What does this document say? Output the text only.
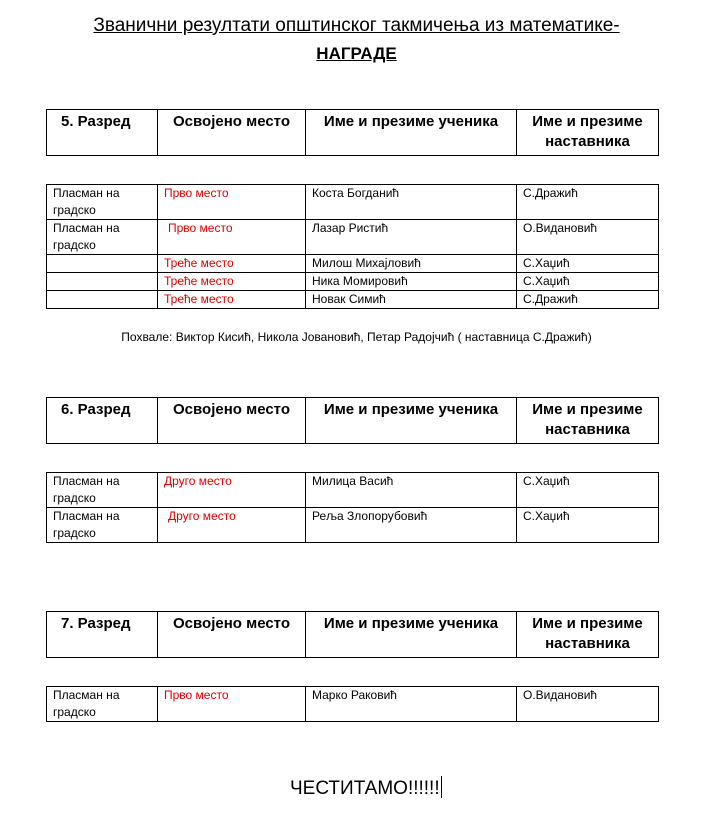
Званични резултати општинског такмичења из математике-
НАГРАДЕ
5. Разред	Освојено место	Име и презиме ученика	Име и презиме наставника
Пласман на градско	Прво место	Коста Богданић	С.Дражић
Пласман на градско	Прво место	Лазар Ристић	О.Видановић
	Треће место	Милош Михајловић	С.Хаџић
	Треће место	Ника Момировић	С.Хаџић
	Треће место	Новак Симић	С.Дражић
Похвале: Виктор Кисић, Никола Јовановић, Петар Радојчић ( наставница С.Дражић)
6. Разред	Освојено место	Име и презиме ученика	Име и презиме наставника
Пласман на градско	Друго место	Милица Васић	С.Хаџић
Пласман на градско	Друго место	Реља Злопорубовић	С.Хаџић
7. Разред	Освојено место	Име и презиме ученика	Име и презиме наставника
Пласман на градско	Прво место	Марко Раковић	О.Видановић
ЧЕСТИТАМО!!!!!!
